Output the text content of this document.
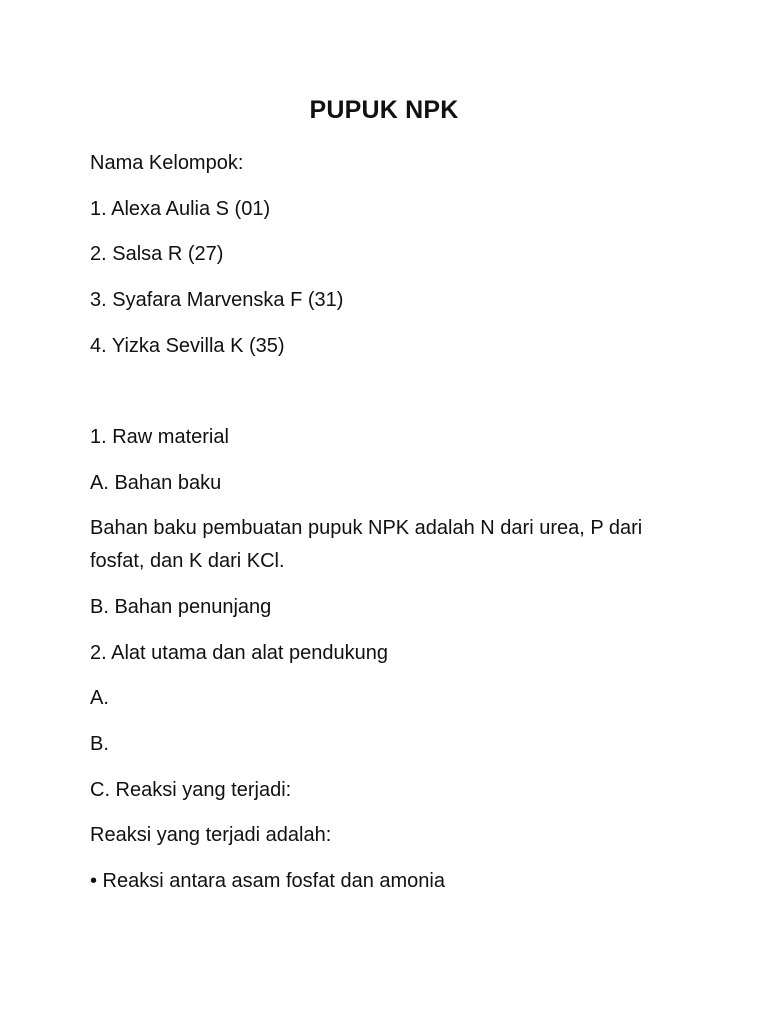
PUPUK NPK
Nama Kelompok:
1. Alexa Aulia S (01)
2. Salsa R (27)
3. Syafara Marvenska F (31)
4. Yizka Sevilla K (35)
1. Raw material
A. Bahan baku
Bahan baku pembuatan pupuk NPK adalah N dari urea, P dari
fosfat, dan K dari KCl.
B. Bahan penunjang
2. Alat utama dan alat pendukung
A.
B.
C. Reaksi yang terjadi:
Reaksi yang terjadi adalah:
• Reaksi antara asam fosfat dan amonia
